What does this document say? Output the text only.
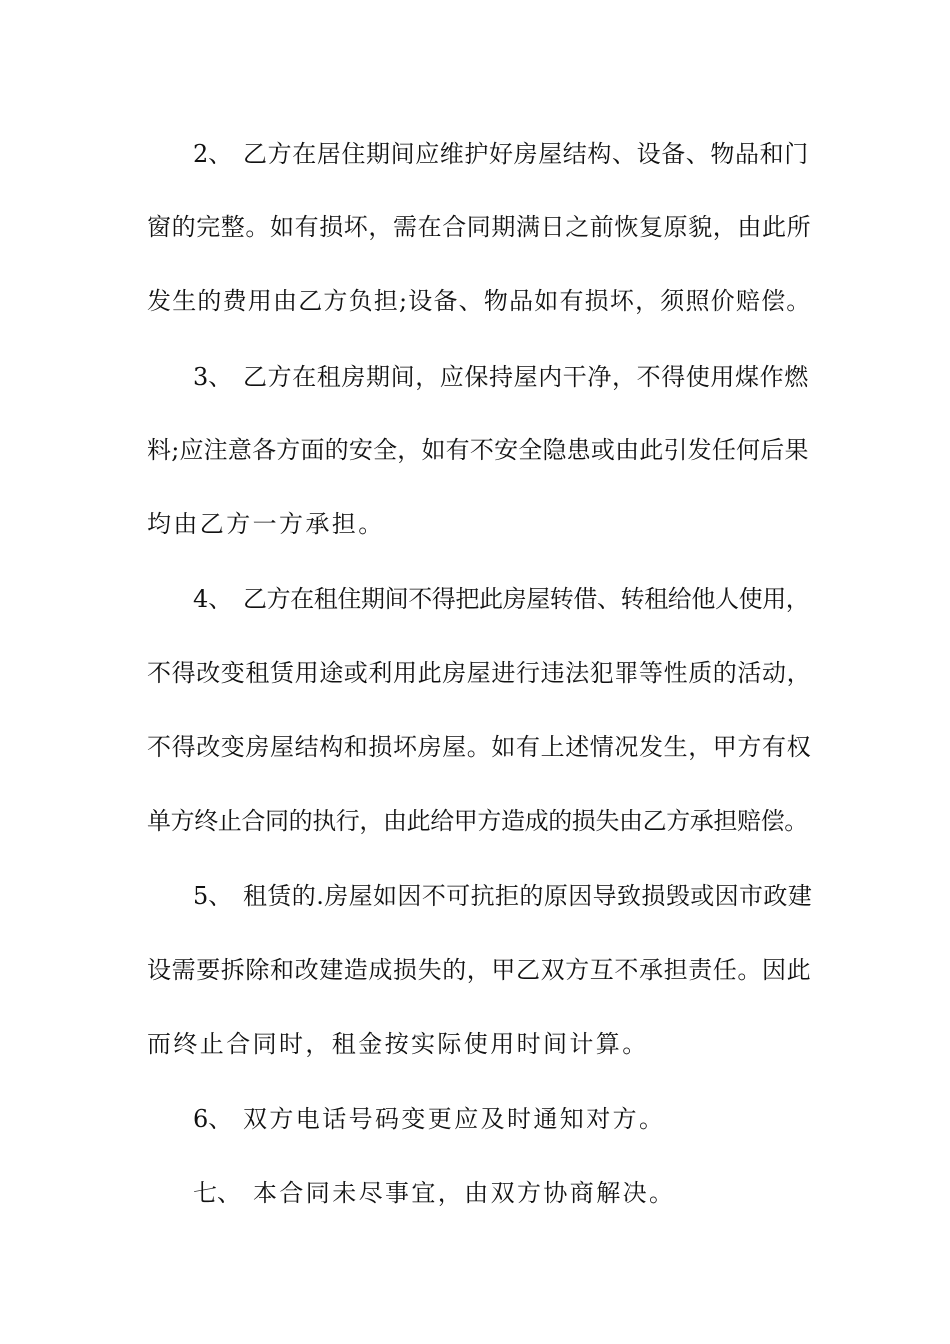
2、 乙方在居住期间应维护好房屋结构、设备、物品和门
窗的完整。如有损坏，需在合同期满日之前恢复原貌，由此所
发生的费用由乙方负担;设备、物品如有损坏，须照价赔偿。
3、 乙方在租房期间，应保持屋内干净，不得使用煤作燃
料;应注意各方面的安全，如有不安全隐患或由此引发任何后果
均由乙方一方承担。
4、 乙方在租住期间不得把此房屋转借、转租给他人使用，
不得改变租赁用途或利用此房屋进行违法犯罪等性质的活动，
不得改变房屋结构和损坏房屋。如有上述情况发生，甲方有权
单方终止合同的执行，由此给甲方造成的损失由乙方承担赔偿。
5、 租赁的.房屋如因不可抗拒的原因导致损毁或因市政建
设需要拆除和改建造成损失的，甲乙双方互不承担责任。因此
而终止合同时，租金按实际使用时间计算。
6、 双方电话号码变更应及时通知对方。
七、 本合同未尽事宜，由双方协商解决。
